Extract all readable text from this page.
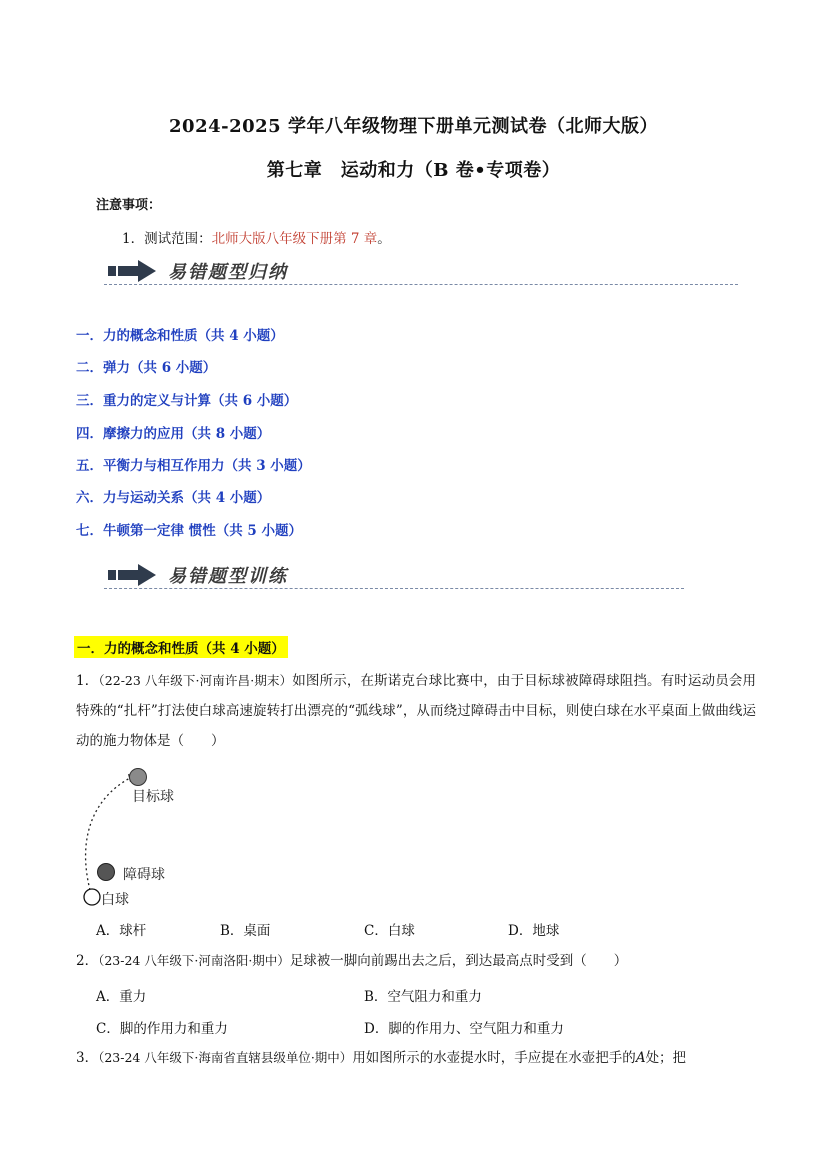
2024-2025 学年八年级物理下册单元测试卷（北师大版）
第七章　运动和力（B 卷•专项卷）
注意事项：
1．测试范围：北师大版八年级下册第 7 章。
易错题型归纳
一．力的概念和性质（共 4 小题）
二．弹力（共 6 小题）
三．重力的定义与计算（共 6 小题）
四．摩擦力的应用（共 8 小题）
五．平衡力与相互作用力（共 3 小题）
六．力与运动关系（共 4 小题）
七．牛顿第一定律 惯性（共 5 小题）
易错题型训练
一．力的概念和性质（共 4 小题）
1．（22-23 八年级下·河南许昌·期末）如图所示，在斯诺克台球比赛中，由于目标球被障碍球阻挡。有时运动员会用特殊的“扎杆”打法使白球高速旋转打出漂亮的“弧线球”，从而绕过障碍击中目标，则使白球在水平桌面上做曲线运动的施力物体是（　　）
目标球
障碍球
白球
A．球杆	B．桌面	C．白球	D．地球
2．（23-24 八年级下·河南洛阳·期中）足球被一脚向前踢出去之后，到达最高点时受到（　　）
A．重力	B．空气阻力和重力
C．脚的作用力和重力	D．脚的作用力、空气阻力和重力
3．（23-24 八年级下·海南省直辖县级单位·期中）用如图所示的水壶提水时，手应提在水壶把手的A处；把
